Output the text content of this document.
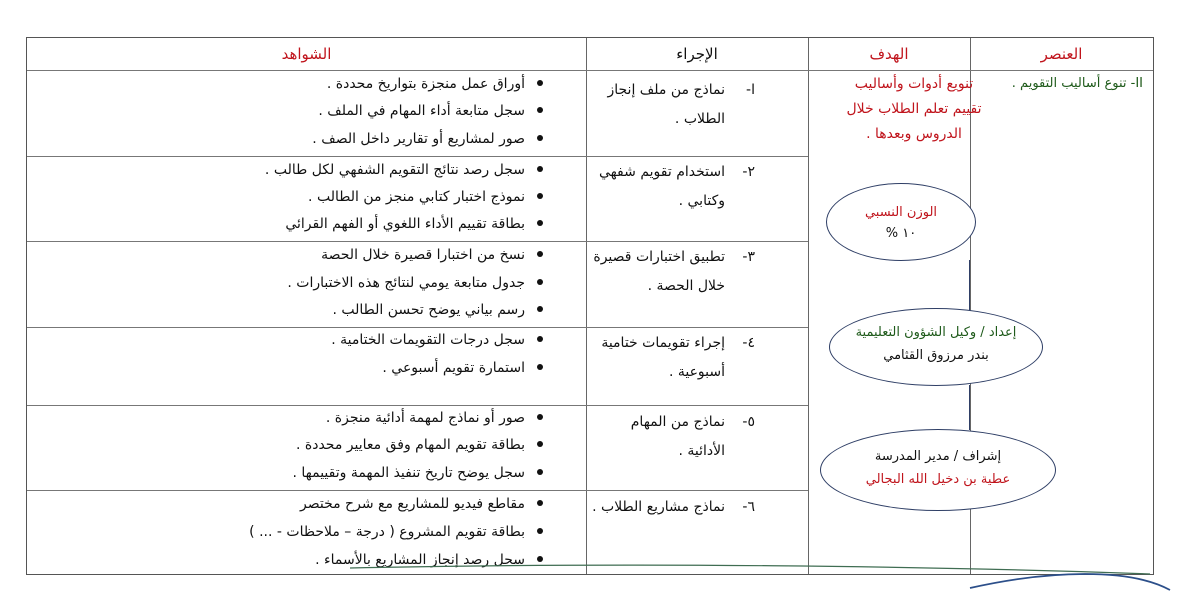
العنصر
الهدف
الإجراء
الشواهد
II- تنوع أساليب التقويم .
تنويع أدوات وأساليب
تقييم تعلم الطلاب خلال
الدروس وبعدها .
ا-نماذج من ملف إنجاز
الطلاب .
٢-استخدام تقويم شفهي
وكتابي .
٣-تطبيق اختبارات قصيرة
خلال الحصة .
٤-إجراء تقويمات ختامية
أسبوعية .
٥-نماذج من المهام
الأدائية .
٦-نماذج مشاريع الطلاب .
أوراق عمل منجزة بتواريخ محددة .
سجل متابعة أداء المهام في الملف .
صور لمشاريع أو تقارير داخل الصف .
سجل رصد نتائج التقويم الشفهي لكل طالب .
نموذج اختبار كتابي منجز من الطالب .
بطاقة تقييم الأداء اللغوي أو الفهم القرائي
نسخ من اختبارا قصيرة خلال الحصة
جدول متابعة يومي لنتائج هذه الاختبارات .
رسم بياني يوضح تحسن الطالب .
سجل درجات التقويمات الختامية .
استمارة تقويم أسبوعي .
صور أو نماذج لمهمة أدائية منجزة .
بطاقة تقويم المهام وفق معايير محددة .
سجل يوضح تاريخ تنفيذ المهمة وتقييمها .
مقاطع فيديو للمشاريع مع شرح مختصر
بطاقة تقويم المشروع ( درجة – ملاحظات - ... )
سجل رصد إنجاز المشاريع بالأسماء .
الوزن النسبي
١٠ %
إعداد / وكيل الشؤون التعليمية
بندر مرزوق القثامي
إشراف / مدير المدرسة
عطية بن دخيل الله البجالي
